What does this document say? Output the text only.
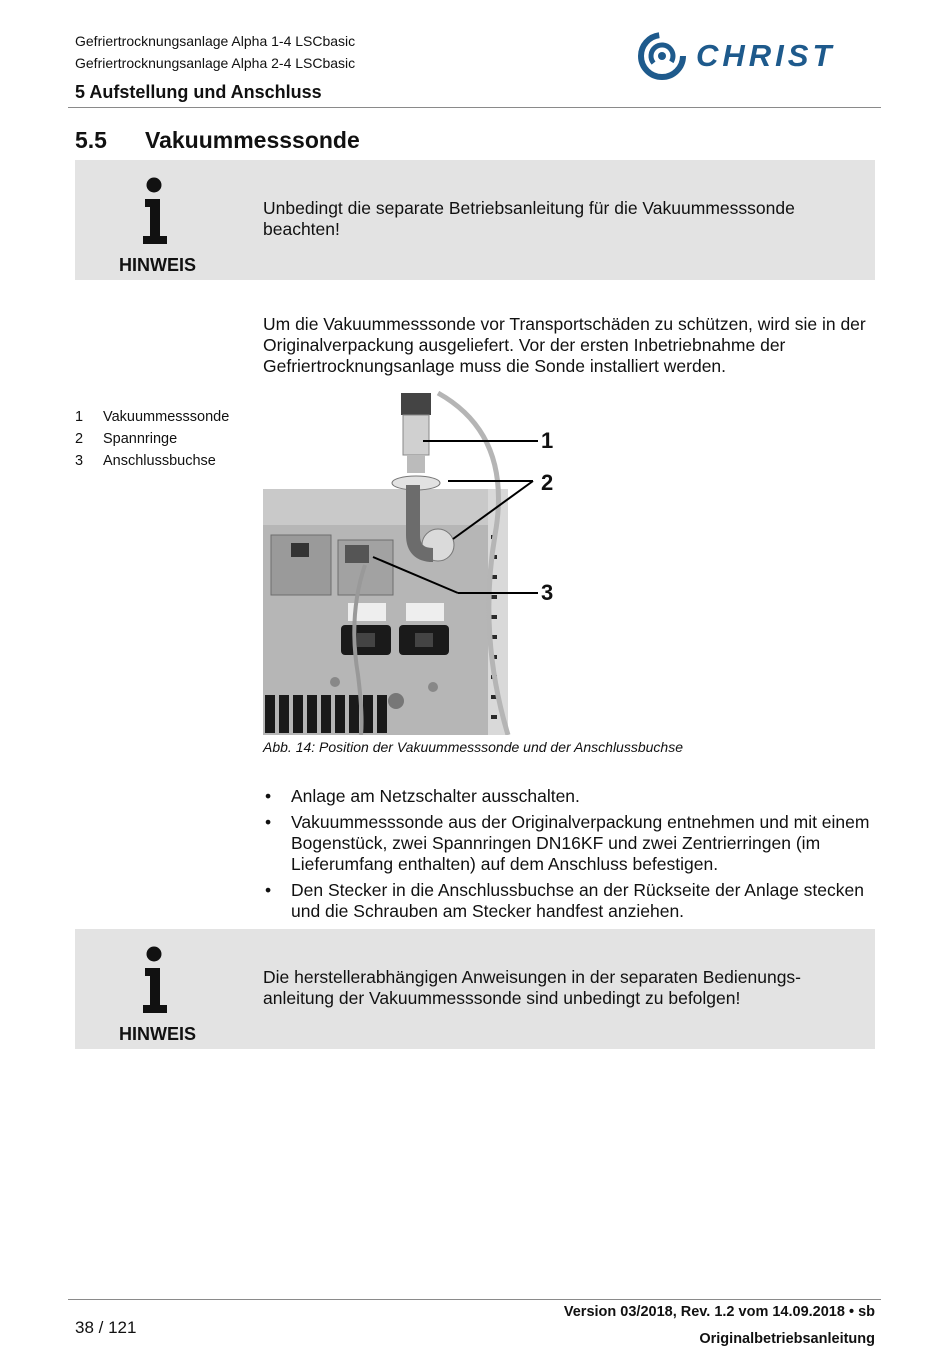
Gefriertrocknungsanlage Alpha 1-4 LSCbasic
Gefriertrocknungsanlage Alpha 2-4 LSCbasic
5 Aufstellung und Anschluss
CHRIST
5.5 Vakuummesssonde
HINWEIS
Unbedingt die separate Betriebsanleitung für die Vakuummesssonde beachten!
Um die Vakuummesssonde vor Transportschäden zu schützen, wird sie in der Originalverpackung ausgeliefert. Vor der ersten Inbetriebnahme der Gefriertrocknungsanlage muss die Sonde installiert werden.
1 Vakuummesssonde
2 Spannringe
3 Anschlussbuchse
1
2
3
Abb. 14: Position der Vakuummesssonde und der Anschlussbuchse
• Anlage am Netzschalter ausschalten.
• Vakuummesssonde aus der Originalverpackung entnehmen und mit einem Bogenstück, zwei Spannringen DN16KF und zwei Zentrierringen (im Lieferumfang enthalten) auf dem Anschluss befestigen.
• Den Stecker in die Anschlussbuchse an der Rückseite der Anlage stecken und die Schrauben am Stecker handfest anziehen.
HINWEIS
Die herstellerabhängigen Anweisungen in der separaten Bedienungs-anleitung der Vakuummesssonde sind unbedingt zu befolgen!
38 / 121
Version 03/2018, Rev. 1.2 vom 14.09.2018 • sb
Originalbetriebsanleitung
